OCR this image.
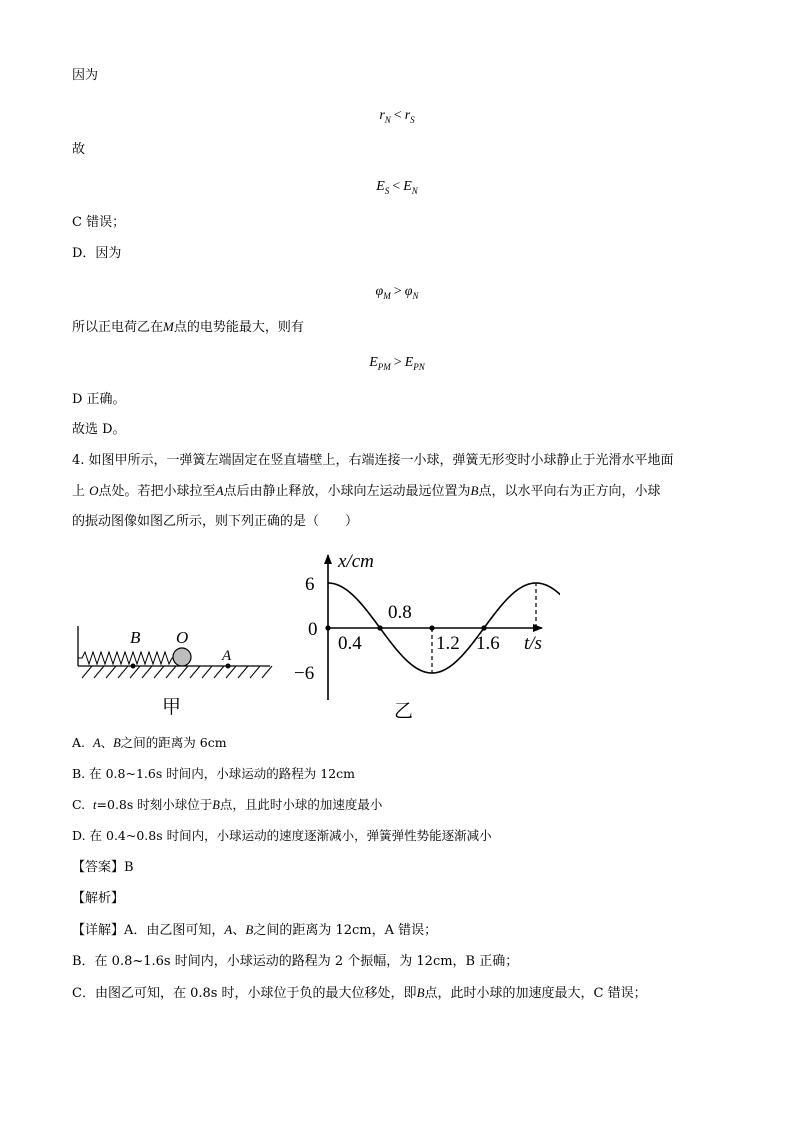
因为
$r_N < r_S$
故
$E_S < E_N$
C 错误；
D．因为
$\varphi_M > \varphi_N$
所以正电荷乙在M点的电势能最大，则有
$E_{PM} > E_{PN}$
D 正确。
故选 D。
4. 如图甲所示，一弹簧左端固定在竖直墙壁上，右端连接一小球，弹簧无形变时小球静止于光滑水平地面
上 O点处。若把小球拉至A点后由静止释放，小球向左运动最远位置为B点，以水平向右为正方向，小球
的振动图像如图乙所示，则下列正确的是（　　）
B O
A
甲
x/cm
t/s
6
0
−6
0.4
0.8
1.2 1.6
乙
A. A、B之间的距离为 6cm
B. 在 0.8~1.6s 时间内，小球运动的路程为 12cm
C. t=0.8s 时刻小球位于B点，且此时小球的加速度最小
D. 在 0.4~0.8s 时间内，小球运动的速度逐渐减小，弹簧弹性势能逐渐减小
【答案】B
【解析】
【详解】A．由乙图可知，A、B之间的距离为 12cm，A 错误；
B．在 0.8~1.6s 时间内，小球运动的路程为 2 个振幅，为 12cm，B 正确；
C．由图乙可知，在 0.8s 时，小球位于负的最大位移处，即B点，此时小球的加速度最大，C 错误；
